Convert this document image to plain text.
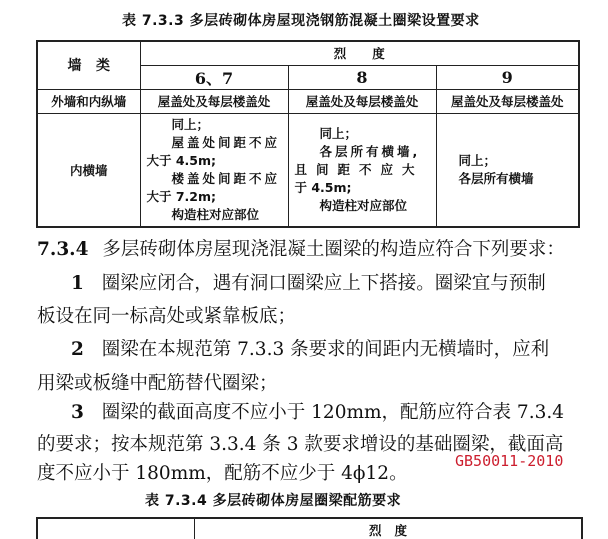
表 7.3.3 多层砖砌体房屋现浇钢筋混凝土圈梁设置要求
墙   类	烈      度		
	6、7	8	9
外墙和内纵墙	屋盖处及每层楼盖处	屋盖处及每层楼盖处	屋盖处及每层楼盖处
内横墙	
同上；
屋盖处间距不应
大于 4.5m;
楼盖处间距不应
大于 7.2m;
构造柱对应部位

同上；
各层所有横墙,
且间距不应大
于 4.5m;
构造柱对应部位

同上；
各层所有横墙
7.3.4 多层砖砌体房屋现浇混凝土圈梁的构造应符合下列要求：
1 圈梁应闭合，遇有洞口圈梁应上下搭接。圈梁宜与预制
板设在同一标高处或紧靠板底；
2 圈梁在本规范第 7.3.3 条要求的间距内无横墙时，应利
用梁或板缝中配筋替代圈梁；
3 圈梁的截面高度不应小于 120mm，配筋应符合表 7.3.4
的要求；按本规范第 3.3.4 条 3 款要求增设的基础圈梁，截面高
度不应小于 180mm，配筋不应少于 4ϕ12。
GB50011-2010
表 7.3.4 多层砖砌体房屋圈梁配筋要求
	烈   度
